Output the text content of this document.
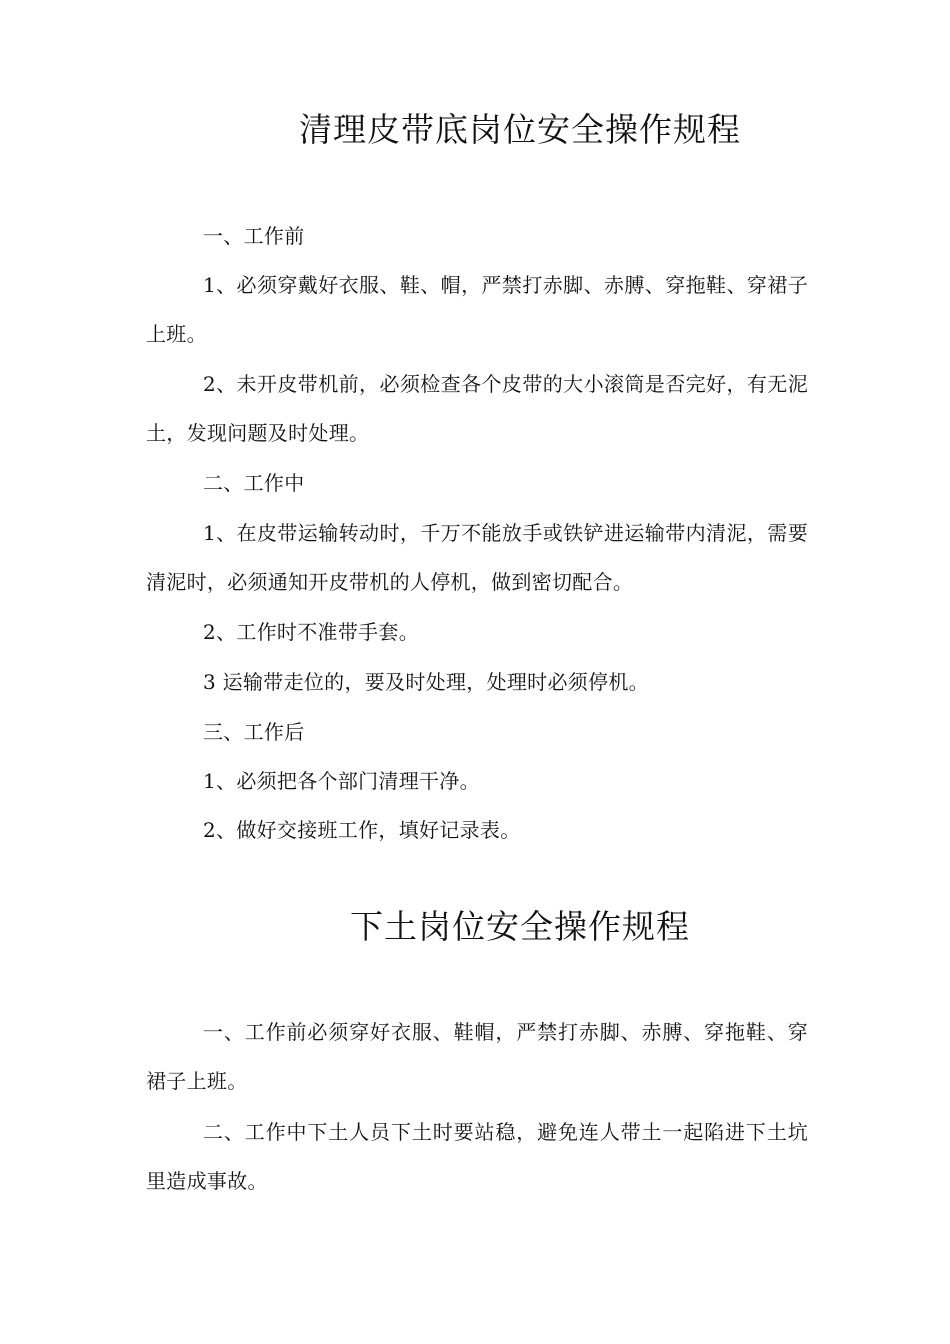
清理皮带底岗位安全操作规程

一、工作前

1、必须穿戴好衣服、鞋、帽，严禁打赤脚、赤膊、穿拖鞋、穿裙子上班。

2、未开皮带机前，必须检查各个皮带的大小滚筒是否完好，有无泥土，发现问题及时处理。

二、工作中

1、在皮带运输转动时，千万不能放手或铁铲进运输带内清泥，需要清泥时，必须通知开皮带机的人停机，做到密切配合。

2、工作时不准带手套。

3 运输带走位的，要及时处理，处理时必须停机。

三、工作后

1、必须把各个部门清理干净。

2、做好交接班工作，填好记录表。

下土岗位安全操作规程

一、工作前必须穿好衣服、鞋帽，严禁打赤脚、赤膊、穿拖鞋、穿裙子上班。

二、工作中下土人员下土时要站稳，避免连人带土一起陷进下土坑里造成事故。
